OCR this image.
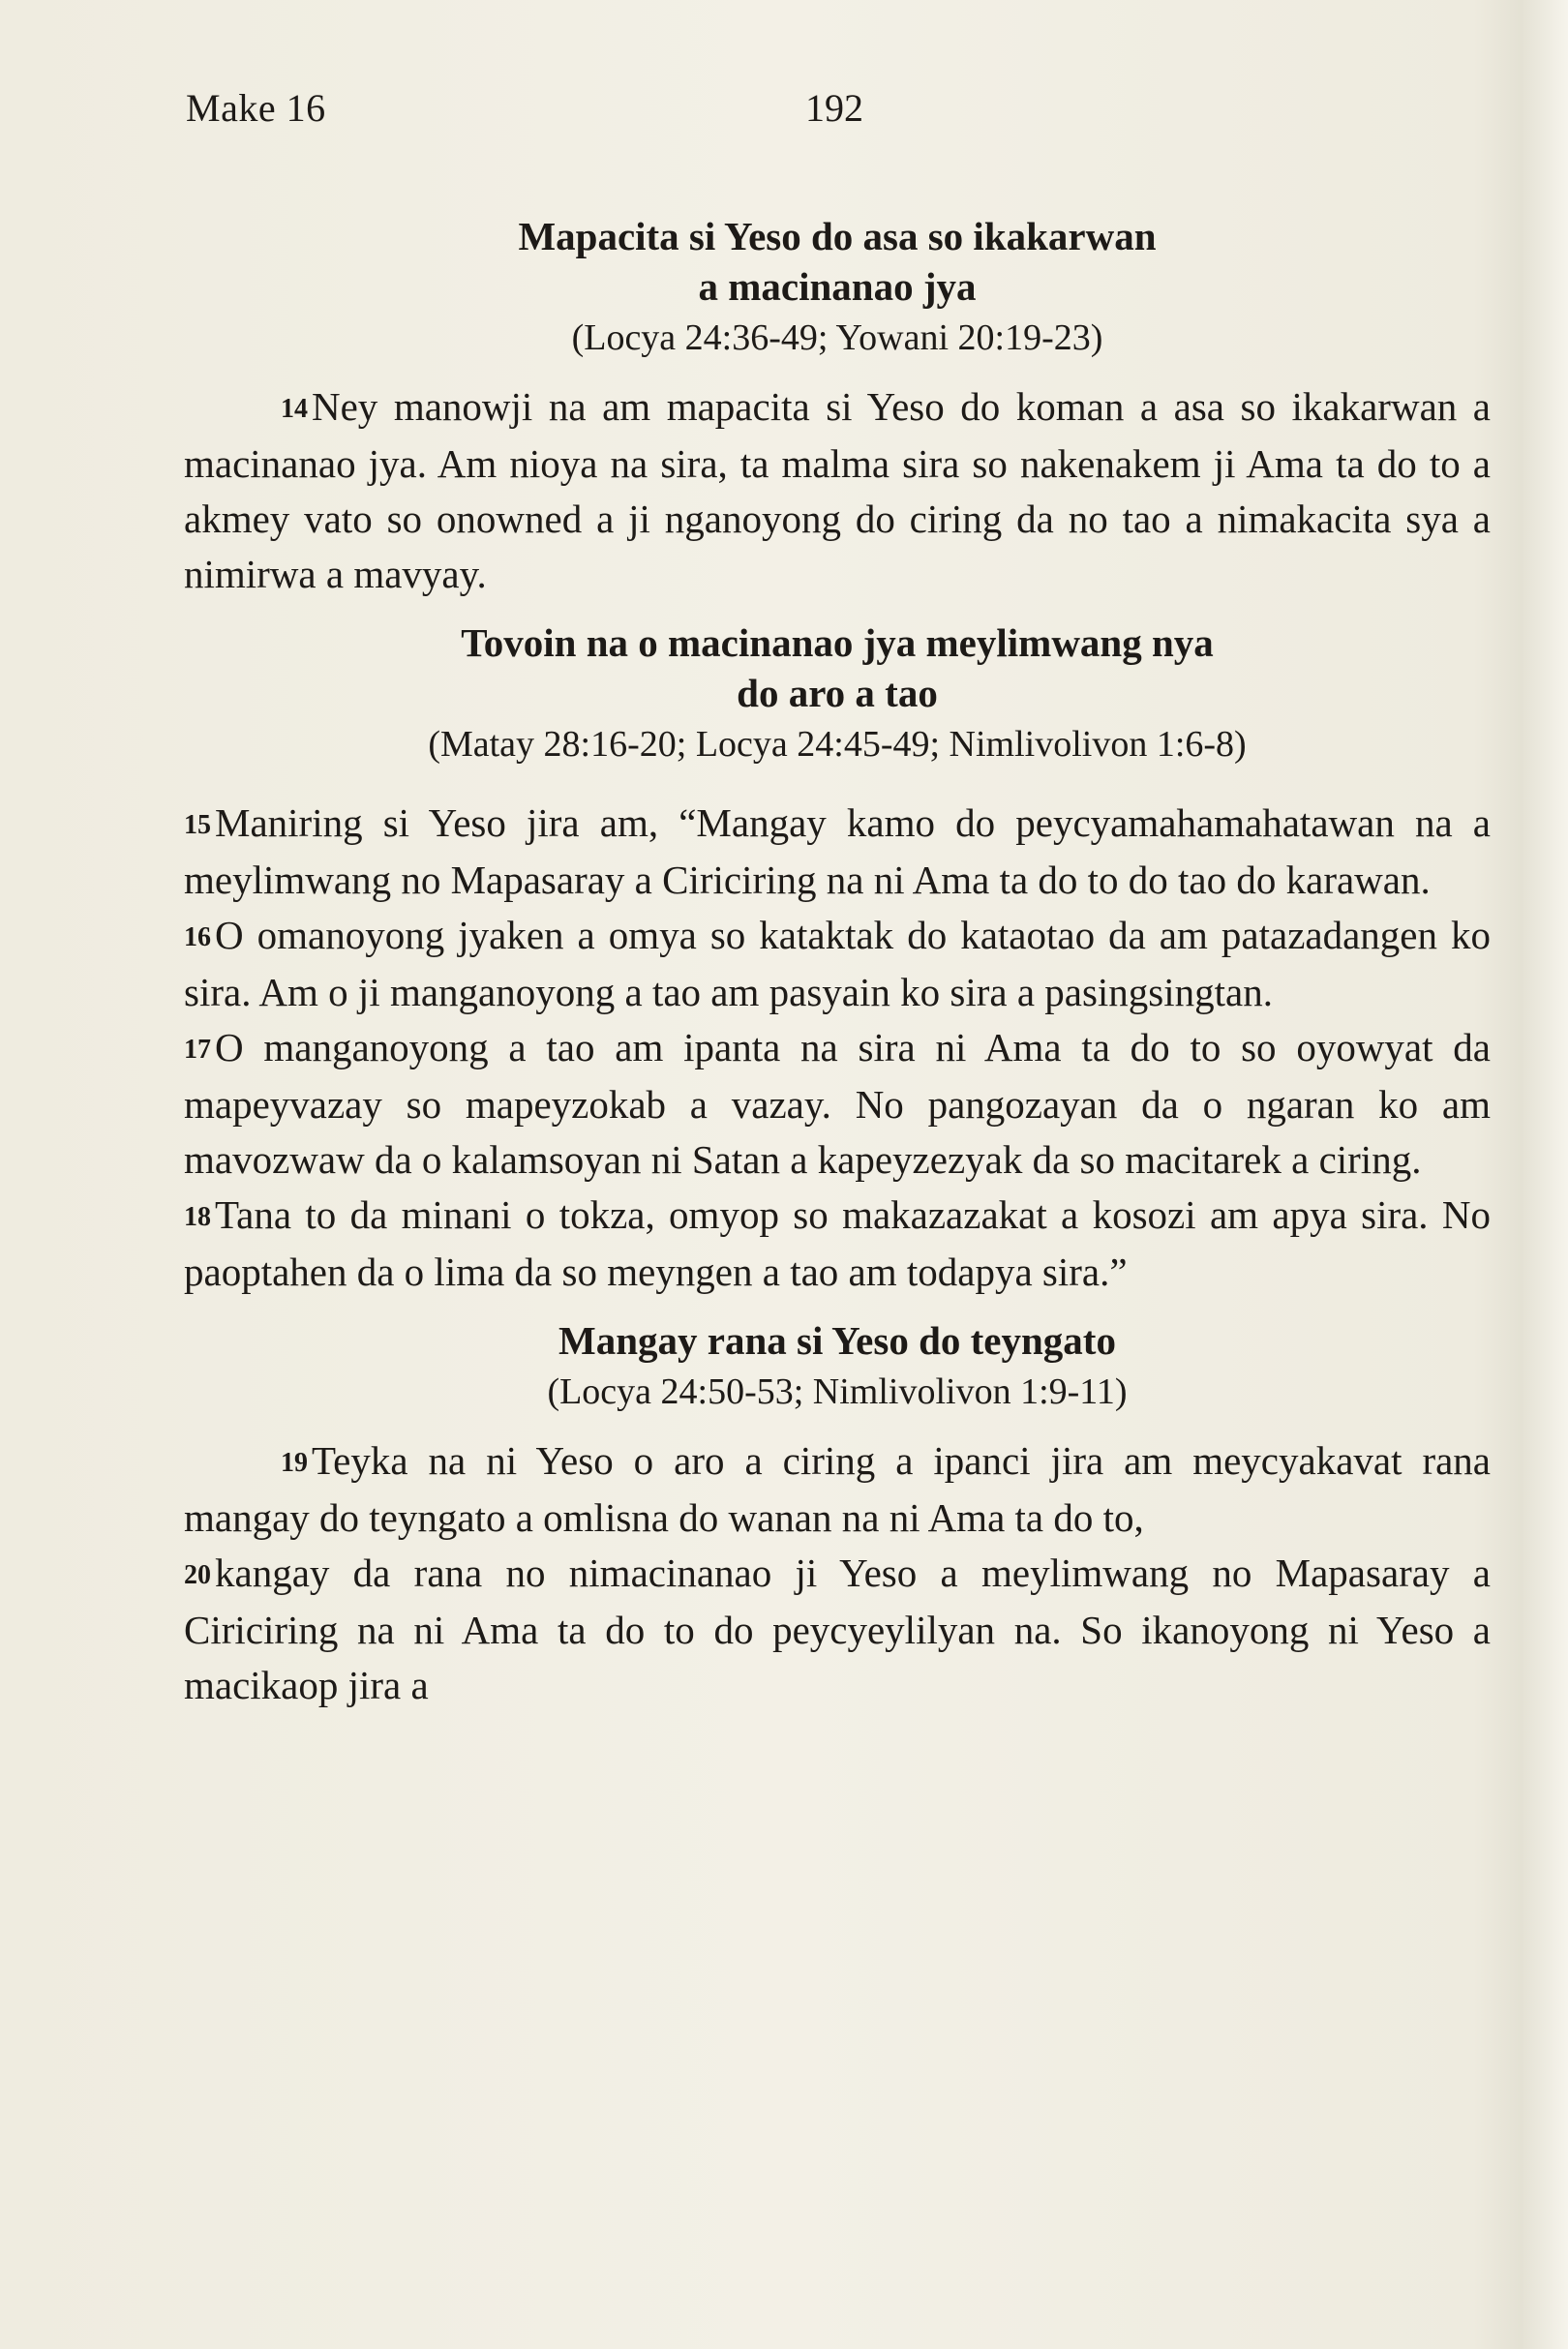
Make 16	192
Mapacita si Yeso do asa so ikakarwan
a macinanao jya

(Locya 24:36-49; Yowani 20:19-23)

14Ney manowji na am mapacita si Yeso do koman a asa so ikakarwan a macinanao jya. Am nioya na sira, ta malma sira so nakenakem ji Ama ta do to a akmey vato so onowned a ji nganoyong do ciring da no tao a nimakacita sya a nimirwa a mavyay.

Tovoin na o macinanao jya meylimwang nya
do aro a tao

(Matay 28:16-20; Locya 24:45-49; Nimlivolivon 1:6-8)

15Maniring si Yeso jira am, “Mangay kamo do peycyamahamahatawan na a meylimwang no Mapasaray a Ciriciring na ni Ama ta do to do tao do karawan.

16O omanoyong jyaken a omya so kataktak do kataotao da am patazadangen ko sira. Am o ji manganoyong a tao am pasyain ko sira a pasingsingtan.

17O manganoyong a tao am ipanta na sira ni Ama ta do to so oyowyat da mapeyvazay so mapeyzokab a vazay. No pangozayan da o ngaran ko am mavozwaw da o kalamsoyan ni Satan a kapeyzezyak da so macitarek a ciring.

18Tana to da minani o tokza, omyop so makazazakat a kosozi am apya sira. No paoptahen da o lima da so meyngen a tao am todapya sira.”

Mangay rana si Yeso do teyngato

(Locya 24:50-53; Nimlivolivon 1:9-11)

19Teyka na ni Yeso o aro a ciring a ipanci jira am meycyakavat rana mangay do teyngato a omlisna do wanan na ni Ama ta do to,

20kangay da rana no nimacinanao ji Yeso a meylimwang no Mapasaray a Ciriciring na ni Ama ta do to do peycyeylilyan na. So ikanoyong ni Yeso a macikaop jira a
